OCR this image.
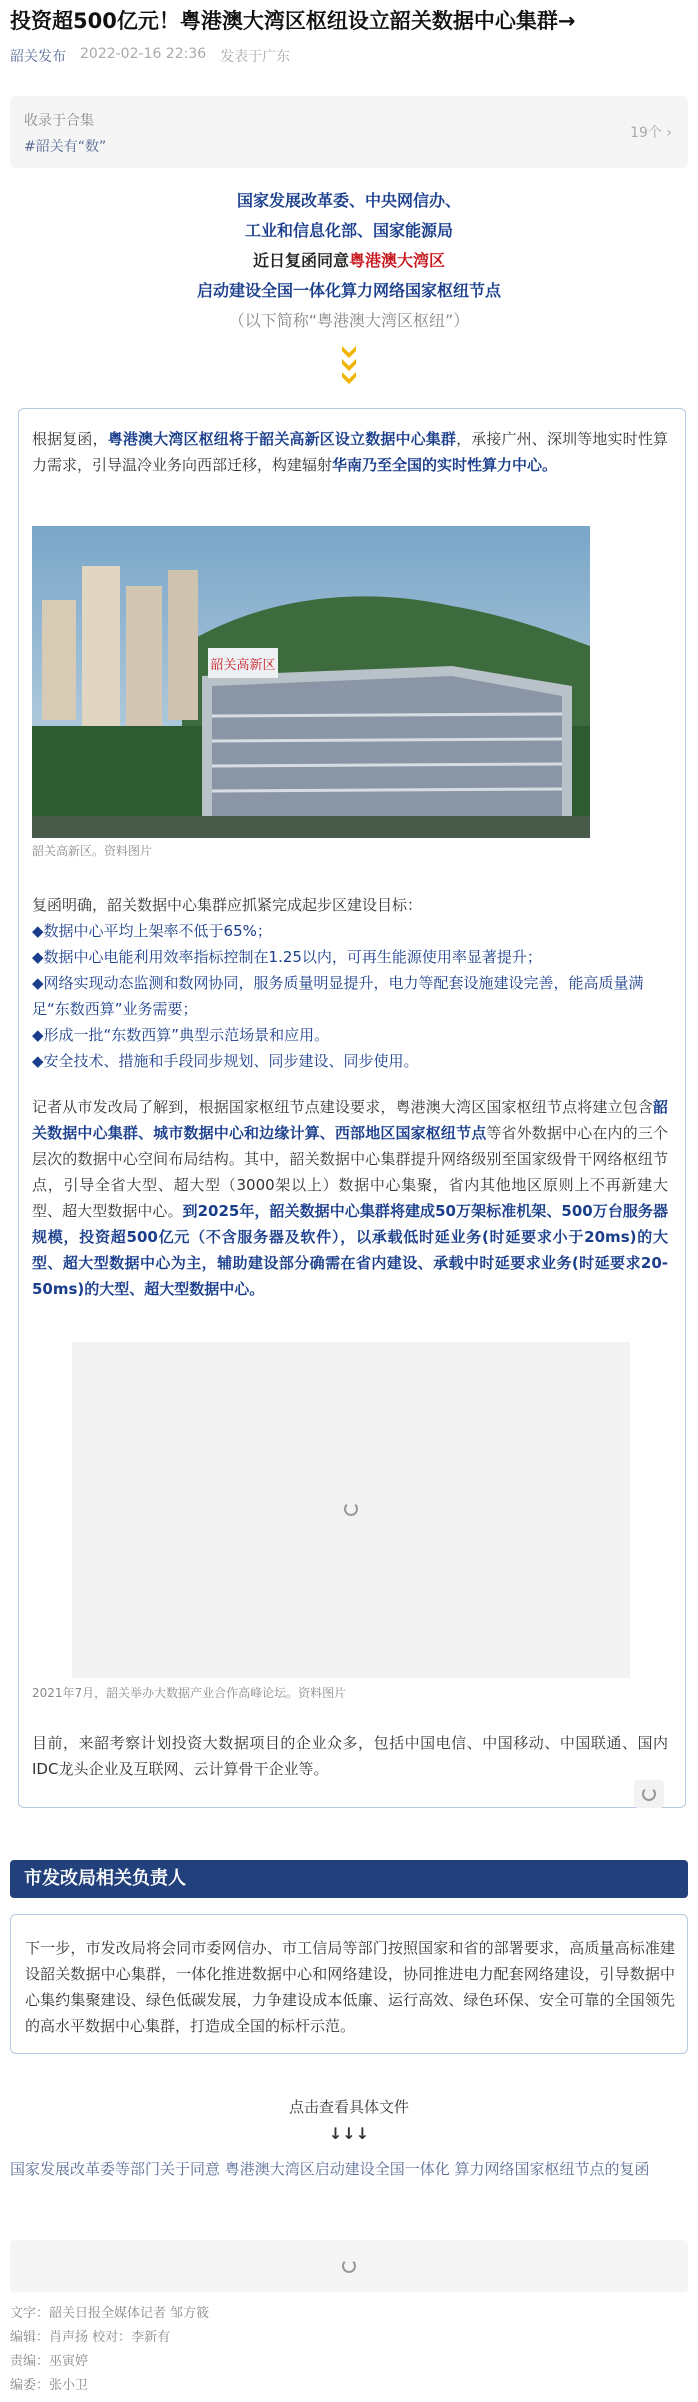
投资超500亿元！粤港澳大湾区枢纽设立韶关数据中心集群→
韶关发布 2022-02-16 22:36 发表于广东
收录于合集
#韶关有“数”
19个 ›
国家发展改革委、中央网信办、
工业和信息化部、国家能源局
近日复函同意粤港澳大湾区
启动建设全国一体化算力网络国家枢纽节点
（以下简称“粤港澳大湾区枢纽”）
根据复函，粤港澳大湾区枢纽将于韶关高新区设立数据中心集群，承接广州、深圳等地实时性算力需求，引导温冷业务向西部迁移，构建辐射华南乃至全国的实时性算力中心。
韶关高新区
韶关高新区。资料图片
复函明确，韶关数据中心集群应抓紧完成起步区建设目标：
◆数据中心平均上架率不低于65%；
◆数据中心电能利用效率指标控制在1.25以内，可再生能源使用率显著提升；
◆网络实现动态监测和数网协同，服务质量明显提升，电力等配套设施建设完善，能高质量满足“东数西算”业务需要；
◆形成一批“东数西算”典型示范场景和应用。
◆安全技术、措施和手段同步规划、同步建设、同步使用。
记者从市发改局了解到，根据国家枢纽节点建设要求，粤港澳大湾区国家枢纽节点将建立包含韶关数据中心集群、城市数据中心和边缘计算、西部地区国家枢纽节点等省外数据中心在内的三个层次的数据中心空间布局结构。其中，韶关数据中心集群提升网络级别至国家级骨干网络枢纽节点，引导全省大型、超大型（3000架以上）数据中心集聚，省内其他地区原则上不再新建大型、超大型数据中心。到2025年，韶关数据中心集群将建成50万架标准机架、500万台服务器规模，投资超500亿元（不含服务器及软件），以承载低时延业务(时延要求小于20ms)的大型、超大型数据中心为主，辅助建设部分确需在省内建设、承载中时延要求业务(时延要求20-50ms)的大型、超大型数据中心。
2021年7月，韶关举办大数据产业合作高峰论坛。资料图片
目前，来韶考察计划投资大数据项目的企业众多，包括中国电信、中国移动、中国联通、国内IDC龙头企业及互联网、云计算骨干企业等。
市发改局相关负责人

下一步，市发改局将会同市委网信办、市工信局等部门按照国家和省的部署要求，高质量高标准建设韶关数据中心集群，一体化推进数据中心和网络建设，协同推进电力配套网络建设，引导数据中心集约集聚建设、绿色低碳发展，力争建设成本低廉、运行高效、绿色环保、安全可靠的全国领先的高水平数据中心集群，打造成全国的标杆示范。

点击查看具体文件
↓↓↓
国家发展改革委等部门关于同意 粤港澳大湾区启动建设全国一体化 算力网络国家枢纽节点的复函
文字：韶关日报全媒体记者 邹方筱
编辑：肖声扬 校对：李新有
责编：巫寅婷
编委：张小卫
